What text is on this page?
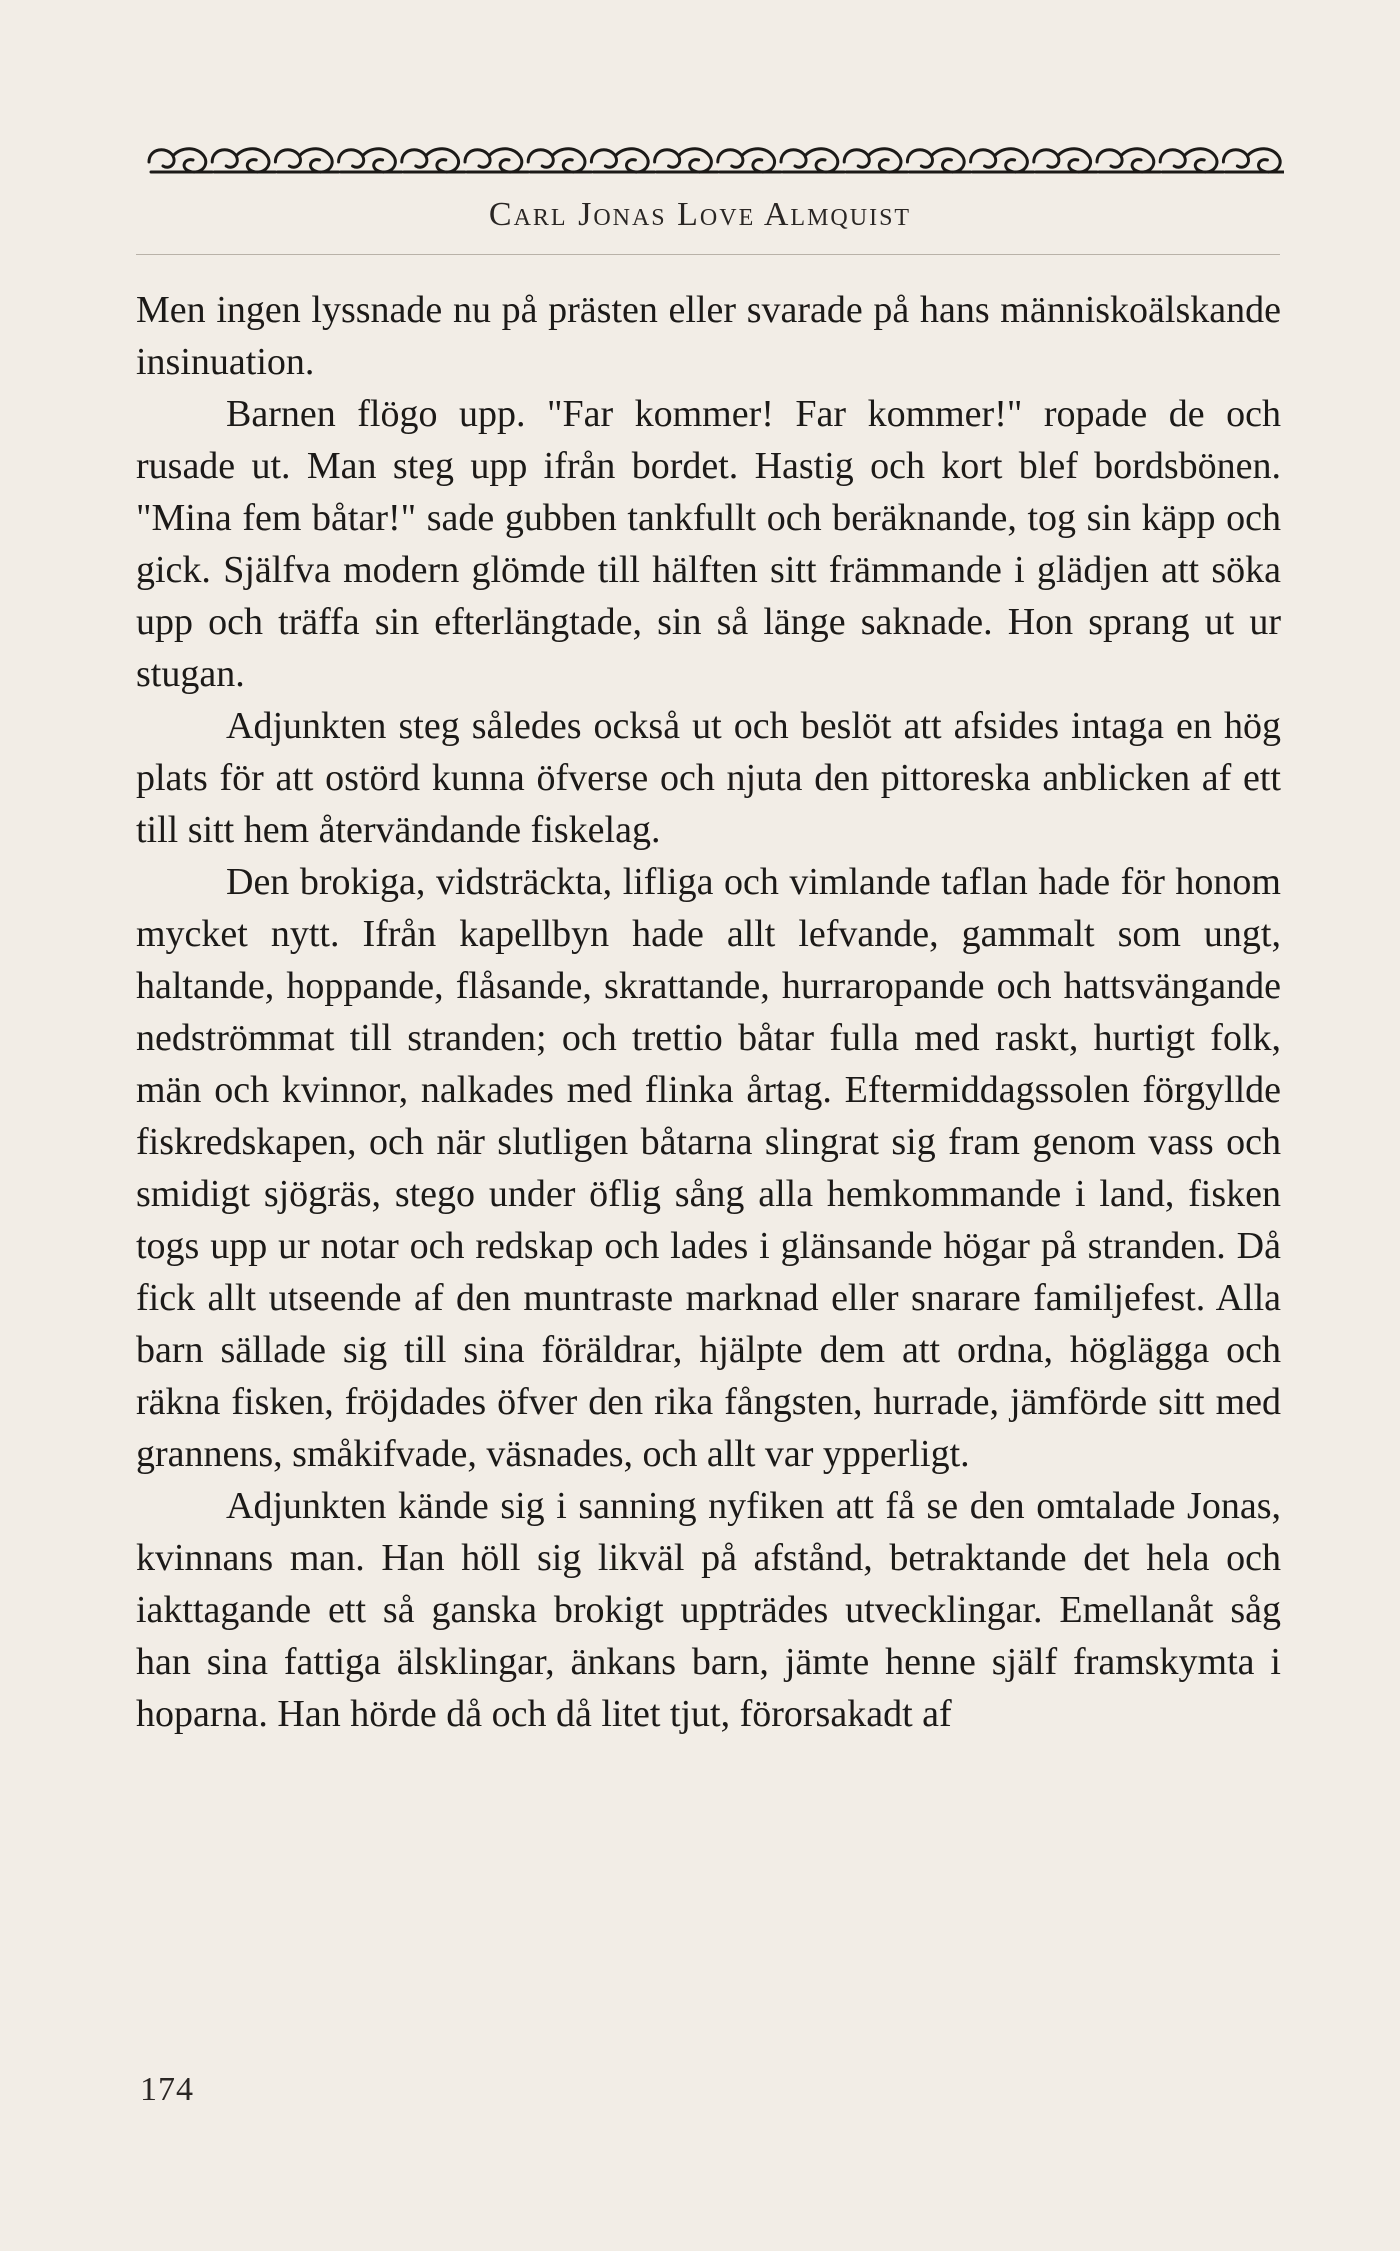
Carl Jonas Love Almquist

Men ingen lyssnade nu på prästen eller svarade på hans människoälskande insinuation.

Barnen flögo upp. "Far kommer! Far kommer!" ropade de och rusade ut. Man steg upp ifrån bordet. Hastig och kort blef bordsbönen. "Mina fem båtar!" sade gubben tankfullt och beräknande, tog sin käpp och gick. Själfva modern glömde till hälften sitt främmande i glädjen att söka upp och träffa sin efterlängtade, sin så länge saknade. Hon sprang ut ur stugan.

Adjunkten steg således också ut och beslöt att afsides intaga en hög plats för att ostörd kunna öfverse och njuta den pittoreska anblicken af ett till sitt hem återvändande fiskelag.

Den brokiga, vidsträckta, lifliga och vimlande taflan hade för honom mycket nytt. Ifrån kapellbyn hade allt lefvande, gammalt som ungt, haltande, hoppande, flåsande, skrattande, hurraropande och hattsvängande nedströmmat till stranden; och trettio båtar fulla med raskt, hurtigt folk, män och kvinnor, nalkades med flinka årtag. Eftermiddagssolen förgyllde fiskredskapen, och när slutligen båtarna slingrat sig fram genom vass och smidigt sjögräs, stego under öflig sång alla hemkommande i land, fisken togs upp ur notar och redskap och lades i glänsande högar på stranden. Då fick allt utseende af den muntraste marknad eller snarare familjefest. Alla barn sällade sig till sina föräldrar, hjälpte dem att ordna, höglägga och räkna fisken, fröjdades öfver den rika fångsten, hurrade, jämförde sitt med grannens, småkifvade, väsnades, och allt var ypperligt.

Adjunkten kände sig i sanning nyfiken att få se den omtalade Jonas, kvinnans man. Han höll sig likväl på afstånd, betraktande det hela och iakttagande ett så ganska brokigt uppträdes utvecklingar. Emellanåt såg han sina fattiga älsklingar, änkans barn, jämte henne själf framskymta i hoparna. Han hörde då och då litet tjut, förorsakadt af

174
